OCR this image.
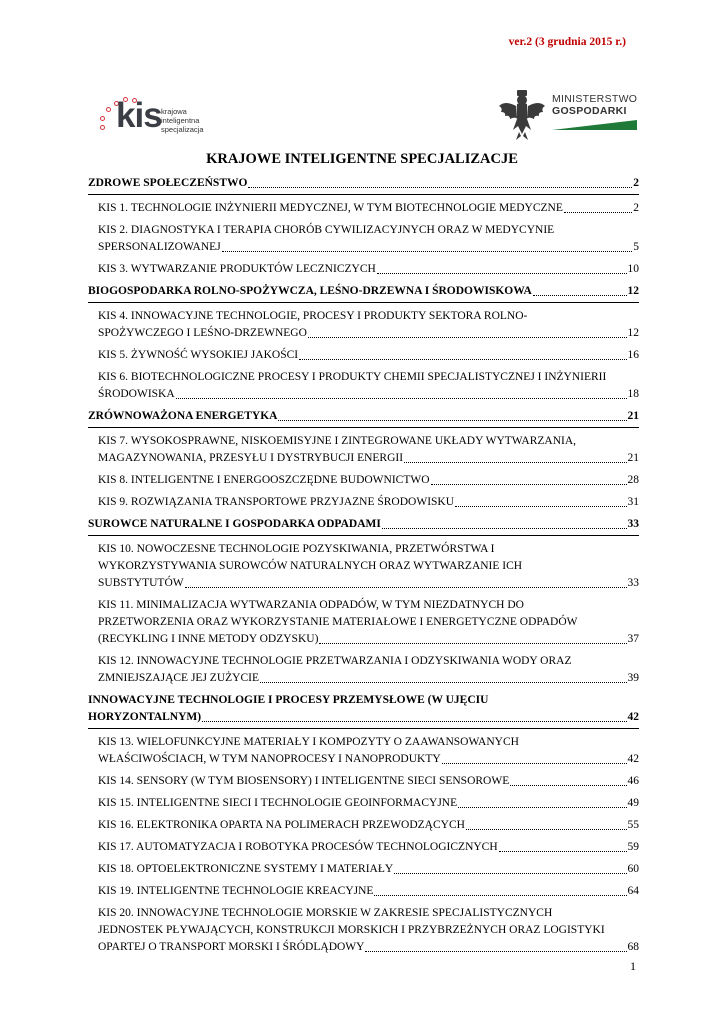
ver.2 (3 grudnia 2015 r.)
kis krajowa
inteligentna
specjalizacja
MINISTERSTWO
GOSPODARKI
KRAJOWE INTELIGENTNE SPECJALIZACJE
ZDROWE SPOŁECZEŃSTWO	2
KIS 1. TECHNOLOGIE INŻYNIERII MEDYCZNEJ, W TYM BIOTECHNOLOGIE MEDYCZNE	2
KIS 2. DIAGNOSTYKA I TERAPIA CHORÓB CYWILIZACYJNYCH ORAZ W MEDYCYNIE
SPERSONALIZOWANEJ	5
KIS 3. WYTWARZANIE PRODUKTÓW LECZNICZYCH	10
BIOGOSPODARKA ROLNO-SPOŻYWCZA, LEŚNO-DRZEWNA I ŚRODOWISKOWA	12
KIS 4. INNOWACYJNE TECHNOLOGIE, PROCESY I PRODUKTY SEKTORA ROLNO-
SPOŻYWCZEGO I LEŚNO-DRZEWNEGO	12
KIS 5. ŻYWNOŚĆ WYSOKIEJ JAKOŚCI	16
KIS 6. BIOTECHNOLOGICZNE PROCESY I PRODUKTY CHEMII SPECJALISTYCZNEJ I INŻYNIERII
ŚRODOWISKA	18
ZRÓWNOWAŻONA ENERGETYKA	21
KIS 7. WYSOKOSPRAWNE, NISKOEMISYJNE I ZINTEGROWANE UKŁADY WYTWARZANIA,
MAGAZYNOWANIA, PRZESYŁU I DYSTRYBUCJI ENERGII	21
KIS 8. INTELIGENTNE I ENERGOOSZCZĘDNE BUDOWNICTWO	28
KIS 9. ROZWIĄZANIA TRANSPORTOWE PRZYJAZNE ŚRODOWISKU	31
SUROWCE NATURALNE I GOSPODARKA ODPADAMI	33
KIS 10. NOWOCZESNE TECHNOLOGIE POZYSKIWANIA, PRZETWÓRSTWA I
WYKORZYSTYWANIA SUROWCÓW NATURALNYCH ORAZ WYTWARZANIE ICH
SUBSTYTUTÓW	33
KIS 11. MINIMALIZACJA WYTWARZANIA ODPADÓW, W TYM NIEZDATNYCH DO
PRZETWORZENIA ORAZ WYKORZYSTANIE MATERIAŁOWE I ENERGETYCZNE ODPADÓW
(RECYKLING I INNE METODY ODZYSKU)	37
KIS 12. INNOWACYJNE TECHNOLOGIE PRZETWARZANIA I ODZYSKIWANIA WODY ORAZ
ZMNIEJSZAJĄCE JEJ ZUŻYCIE	39
INNOWACYJNE TECHNOLOGIE I PROCESY PRZEMYSŁOWE (W UJĘCIU
HORYZONTALNYM)	42
KIS 13. WIELOFUNKCYJNE MATERIAŁY I KOMPOZYTY O ZAAWANSOWANYCH
WŁAŚCIWOŚCIACH, W TYM NANOPROCESY I NANOPRODUKTY	42
KIS 14. SENSORY (W TYM BIOSENSORY) I INTELIGENTNE SIECI SENSOROWE	46
KIS 15. INTELIGENTNE SIECI I TECHNOLOGIE GEOINFORMACYJNE	49
KIS 16. ELEKTRONIKA OPARTA NA POLIMERACH PRZEWODZĄCYCH	55
KIS 17. AUTOMATYZACJA I ROBOTYKA PROCESÓW TECHNOLOGICZNYCH	59
KIS 18. OPTOELEKTRONICZNE SYSTEMY I MATERIAŁY	60
KIS 19. INTELIGENTNE TECHNOLOGIE KREACYJNE	64
KIS 20. INNOWACYJNE TECHNOLOGIE MORSKIE W ZAKRESIE SPECJALISTYCZNYCH
JEDNOSTEK PŁYWAJĄCYCH, KONSTRUKCJI MORSKICH I PRZYBRZEŻNYCH ORAZ LOGISTYKI
OPARTEJ O TRANSPORT MORSKI I ŚRÓDLĄDOWY	68
1
